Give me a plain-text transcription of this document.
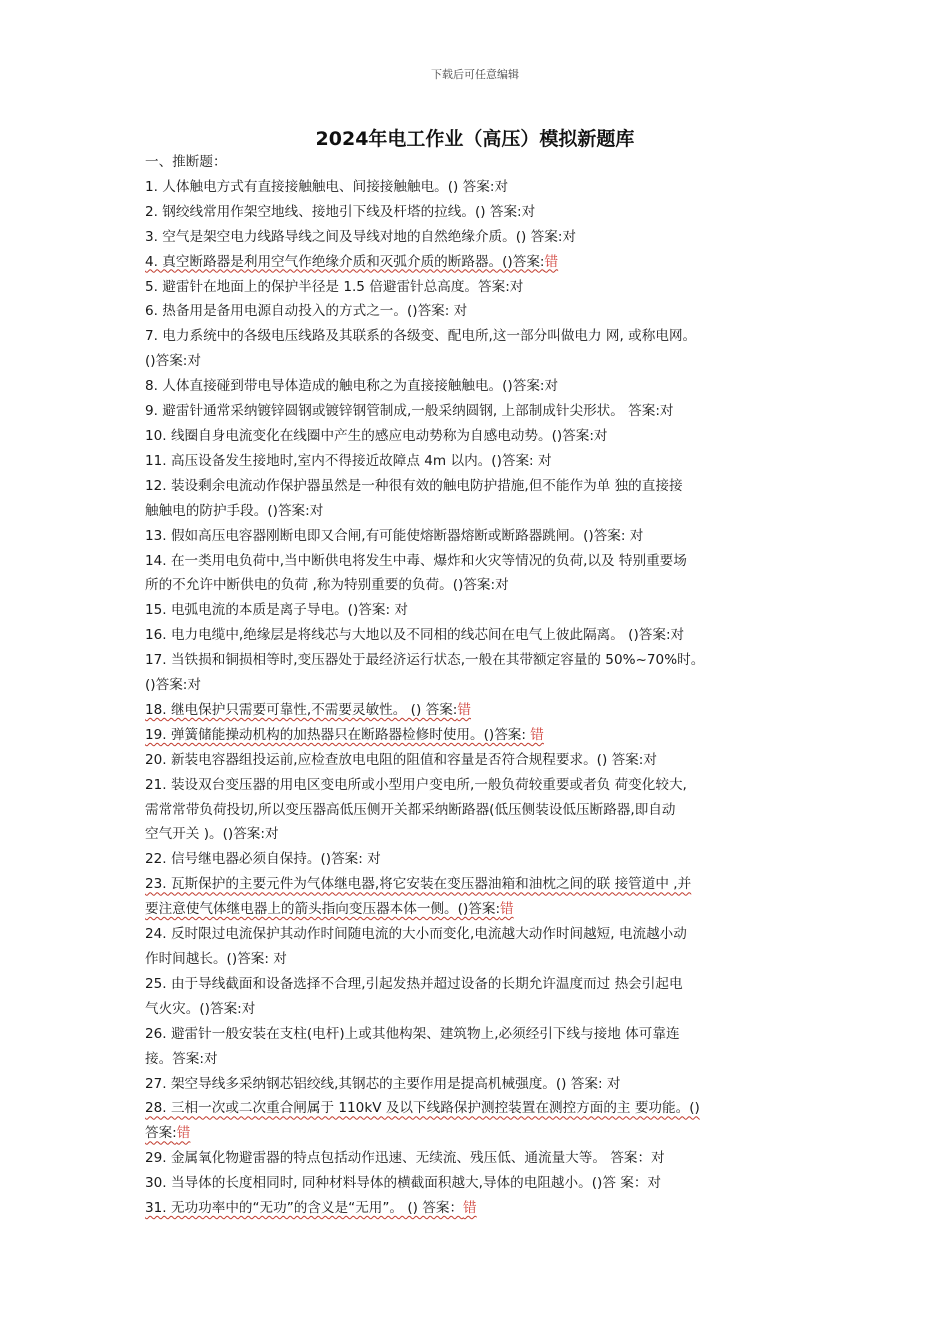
下载后可任意编辑
2024年电工作业（高压）模拟新题库
一、推断题：
1. 人体触电方式有直接接触触电、间接接触触电。() 答案:对
2. 钢绞线常用作架空地线、接地引下线及杆塔的拉线。() 答案:对
3. 空气是架空电力线路导线之间及导线对地的自然绝缘介质。() 答案:对
4. 真空断路器是利用空气作绝缘介质和灭弧介质的断路器。()答案:错
5. 避雷针在地面上的保护半径是 1.5 倍避雷针总高度。答案:对
6. 热备用是备用电源自动投入的方式之一。()答案: 对
7. 电力系统中的各级电压线路及其联系的各级变、配电所,这一部分叫做电力 网, 或称电网。
()答案:对
8. 人体直接碰到带电导体造成的触电称之为直接接触触电。()答案:对
9. 避雷针通常采纳镀锌圆钢或镀锌钢管制成,一般采纳圆钢, 上部制成针尖形状。 答案:对
10. 线圈自身电流变化在线圈中产生的感应电动势称为自感电动势。()答案:对
11. 高压设备发生接地时,室内不得接近故障点 4m 以内。()答案: 对
12. 装设剩余电流动作保护器虽然是一种很有效的触电防护措施,但不能作为单 独的直接接
触触电的防护手段。()答案:对
13. 假如高压电容器刚断电即又合闸,有可能使熔断器熔断或断路器跳闸。()答案: 对
14. 在一类用电负荷中,当中断供电将发生中毒、爆炸和火灾等情况的负荷,以及 特别重要场
所的不允许中断供电的负荷 ,称为特别重要的负荷。()答案:对
15. 电弧电流的本质是离子导电。()答案: 对
16. 电力电缆中,绝缘层是将线芯与大地以及不同相的线芯间在电气上彼此隔离。 ()答案:对
17. 当铁损和铜损相等时,变压器处于最经济运行状态,一般在其带额定容量的 50%~70%时。
()答案:对
18. 继电保护只需要可靠性,不需要灵敏性。 () 答案:错
19. 弹簧储能操动机构的加热器只在断路器检修时使用。()答案: 错
20. 新装电容器组投运前,应检查放电电阻的阻值和容量是否符合规程要求。() 答案:对
21. 装设双台变压器的用电区变电所或小型用户变电所,一般负荷较重要或者负 荷变化较大,
需常常带负荷投切,所以变压器高低压侧开关都采纳断路器(低压侧装设低压断路器,即自动
空气开关 )。()答案:对
22. 信号继电器必须自保持。()答案: 对
23. 瓦斯保护的主要元件为气体继电器,将它安装在变压器油箱和油枕之间的联 接管道中 ,并
要注意使气体继电器上的箭头指向变压器本体一侧。()答案:错
24. 反时限过电流保护其动作时间随电流的大小而变化,电流越大动作时间越短, 电流越小动
作时间越长。()答案: 对
25. 由于导线截面和设备选择不合理,引起发热并超过设备的长期允许温度而过 热会引起电
气火灾。()答案:对
26. 避雷针一般安装在支柱(电杆)上或其他构架、建筑物上,必须经引下线与接地 体可靠连
接。答案:对
27. 架空导线多采纳钢芯铝绞线,其钢芯的主要作用是提高机械强度。() 答案: 对
28. 三相一次或二次重合闸属于 110kV 及以下线路保护测控装置在测控方面的主 要功能。()
答案:错
29. 金属氧化物避雷器的特点包括动作迅速、无续流、残压低、通流量大等。 答案：对
30. 当导体的长度相同时, 同种材料导体的横截面积越大,导体的电阻越小。()答 案：对
31. 无功功率中的“无功”的含义是“无用”。 () 答案：错
